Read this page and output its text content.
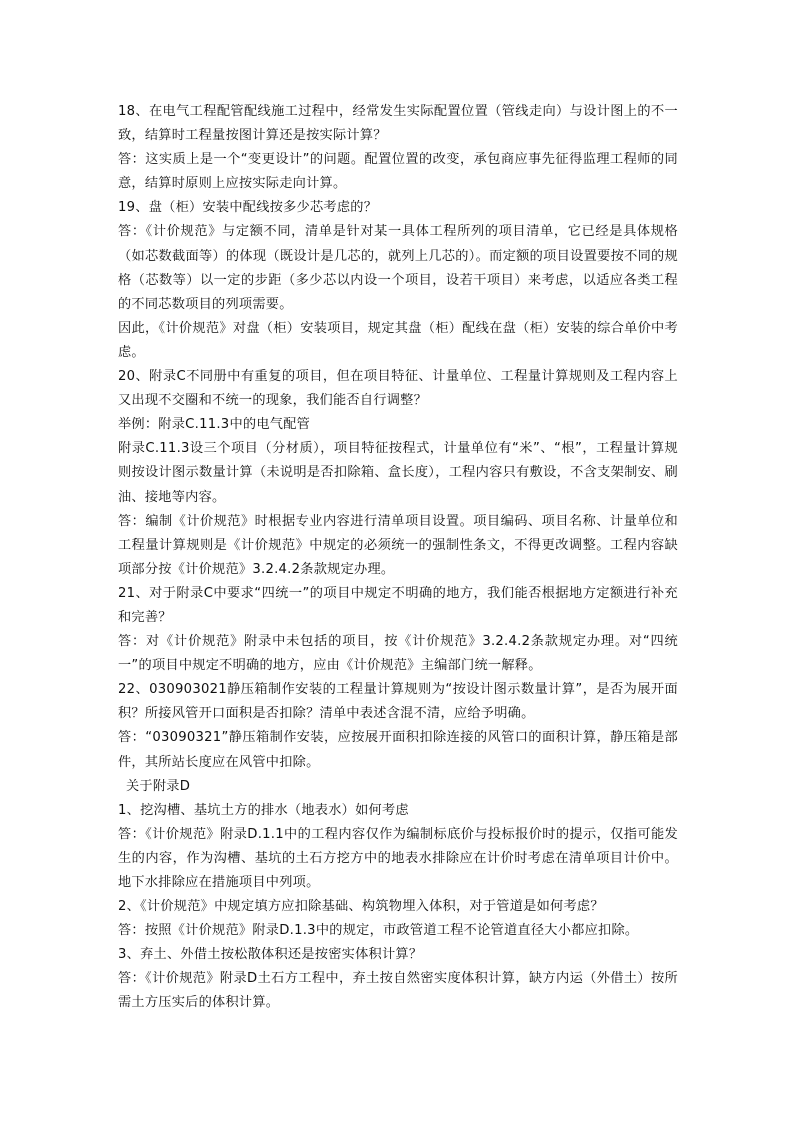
18、在电气工程配管配线施工过程中，经常发生实际配置位置（管线走向）与设计图上的不一致，结算时工程量按图计算还是按实际计算？

答：这实质上是一个“变更设计”的问题。配置位置的改变，承包商应事先征得监理工程师的同意，结算时原则上应按实际走向计算。

19、盘（柜）安装中配线按多少芯考虑的？

答：《计价规范》与定额不同，清单是针对某一具体工程所列的项目清单，它已经是具体规格（如芯数截面等）的体现（既设计是几芯的，就列上几芯的）。而定额的项目设置要按不同的规格（芯数等）以一定的步距（多少芯以内设一个项目，设若干项目）来考虑，以适应各类工程的不同芯数项目的列项需要。

因此，《计价规范》对盘（柜）安装项目，规定其盘（柜）配线在盘（柜）安装的综合单价中考虑。

20、附录C不同册中有重复的项目，但在项目特征、计量单位、工程量计算规则及工程内容上又出现不交圈和不统一的现象，我们能否自行调整？

举例：附录C.11.3中的电气配管

附录C.11.3设三个项目（分材质），项目特征按程式，计量单位有“米”、“根”，工程量计算规则按设计图示数量计算（未说明是否扣除箱、盒长度），工程内容只有敷设，不含支架制安、刷油、接地等内容。

答：编制《计价规范》时根据专业内容进行清单项目设置。项目编码、项目名称、计量单位和工程量计算规则是《计价规范》中规定的必须统一的强制性条文，不得更改调整。工程内容缺项部分按《计价规范》3.2.4.2条款规定办理。

21、对于附录C中要求“四统一”的项目中规定不明确的地方，我们能否根据地方定额进行补充和完善？

答：对《计价规范》附录中未包括的项目，按《计价规范》3.2.4.2条款规定办理。对“四统一”的项目中规定不明确的地方，应由《计价规范》主编部门统一解释。

22、030903021静压箱制作安装的工程量计算规则为“按设计图示数量计算”，是否为展开面积？所接风管开口面积是否扣除？清单中表述含混不清，应给予明确。

答：“03090321”静压箱制作安装，应按展开面积扣除连接的风管口的面积计算，静压箱是部件，其所站长度应在风管中扣除。

关于附录D

1、挖沟槽、基坑土方的排水（地表水）如何考虑

答：《计价规范》附录D.1.1中的工程内容仅作为编制标底价与投标报价时的提示，仅指可能发生的内容，作为沟槽、基坑的土石方挖方中的地表水排除应在计价时考虑在清单项目计价中。地下水排除应在措施项目中列项。

2、《计价规范》中规定填方应扣除基础、构筑物埋入体积，对于管道是如何考虑？

答：按照《计价规范》附录D.1.3中的规定，市政管道工程不论管道直径大小都应扣除。

3、弃土、外借土按松散体积还是按密实体积计算？

答：《计价规范》附录D土石方工程中，弃土按自然密实度体积计算，缺方内运（外借土）按所需土方压实后的体积计算。
